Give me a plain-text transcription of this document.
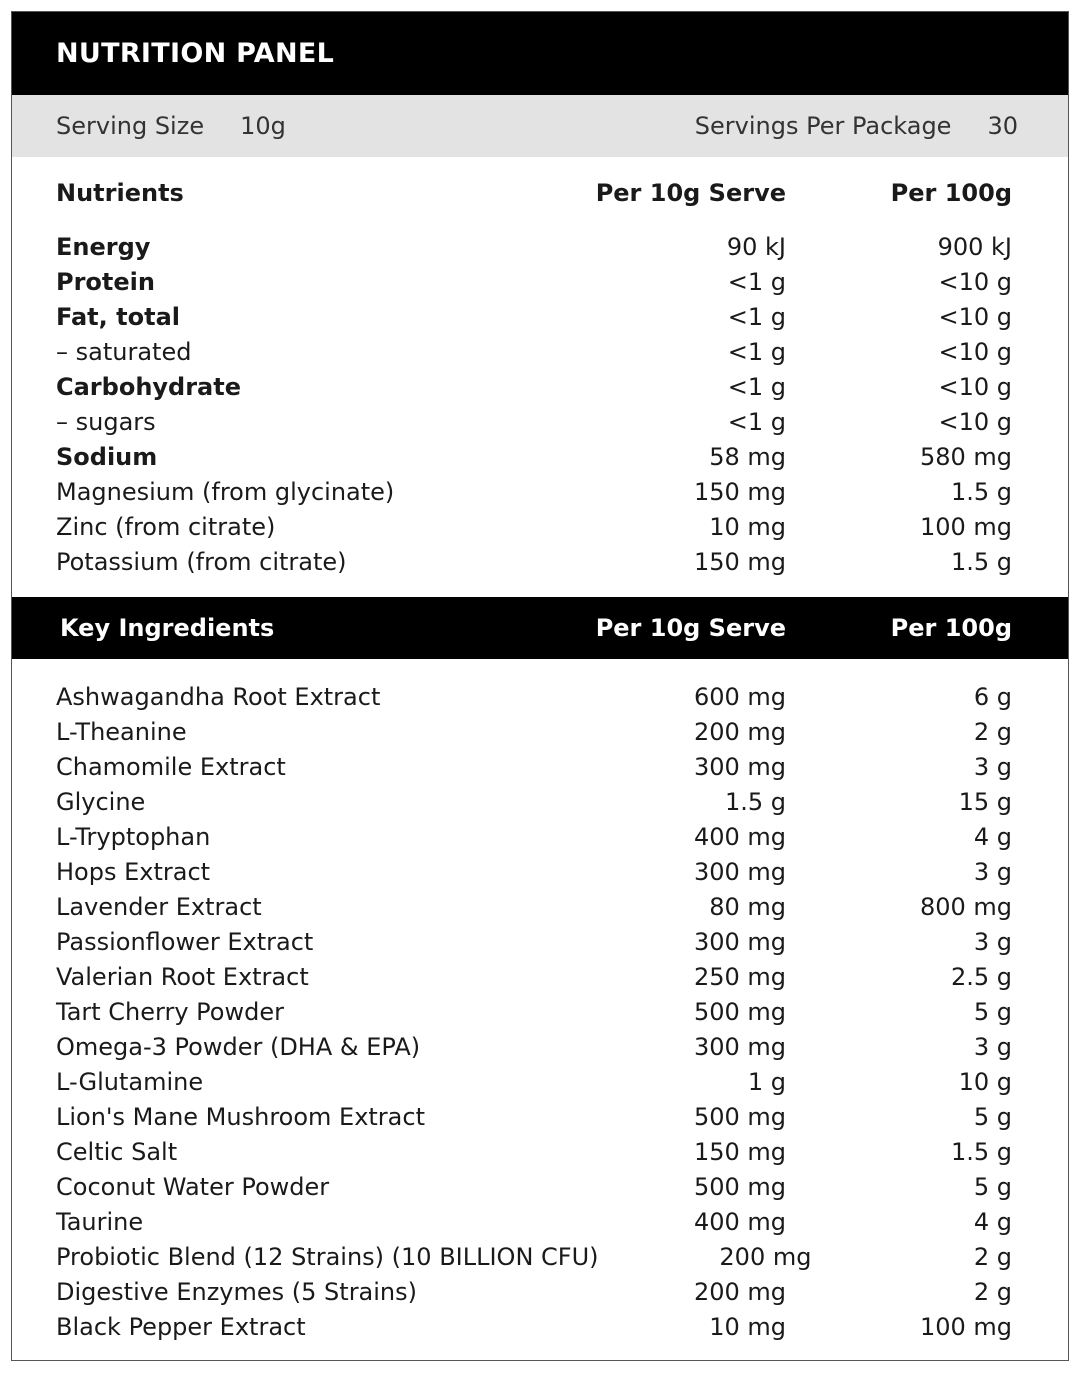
NUTRITION PANEL
Serving Size 10g	Servings Per Package 30
Nutrients	Per 10g Serve	Per 100g
Energy	90 kJ	900 kJ
Protein	<1 g	<10 g
Fat, total	<1 g	<10 g
– saturated	<1 g	<10 g
Carbohydrate	<1 g	<10 g
– sugars	<1 g	<10 g
Sodium	58 mg	580 mg
Magnesium (from glycinate)	150 mg	1.5 g
Zinc (from citrate)	10 mg	100 mg
Potassium (from citrate)	150 mg	1.5 g
Key Ingredients	Per 10g Serve	Per 100g
Ashwagandha Root Extract	600 mg	6 g
L-Theanine	200 mg	2 g
Chamomile Extract	300 mg	3 g
Glycine	1.5 g	15 g
L-Tryptophan	400 mg	4 g
Hops Extract	300 mg	3 g
Lavender Extract	80 mg	800 mg
Passionflower Extract	300 mg	3 g
Valerian Root Extract	250 mg	2.5 g
Tart Cherry Powder	500 mg	5 g
Omega-3 Powder (DHA & EPA)	300 mg	3 g
L-Glutamine	1 g	10 g
Lion's Mane Mushroom Extract	500 mg	5 g
Celtic Salt	150 mg	1.5 g
Coconut Water Powder	500 mg	5 g
Taurine	400 mg	4 g
Probiotic Blend (12 Strains) (10 BILLION CFU)	200 mg	2 g
Digestive Enzymes (5 Strains)	200 mg	2 g
Black Pepper Extract	10 mg	100 mg
